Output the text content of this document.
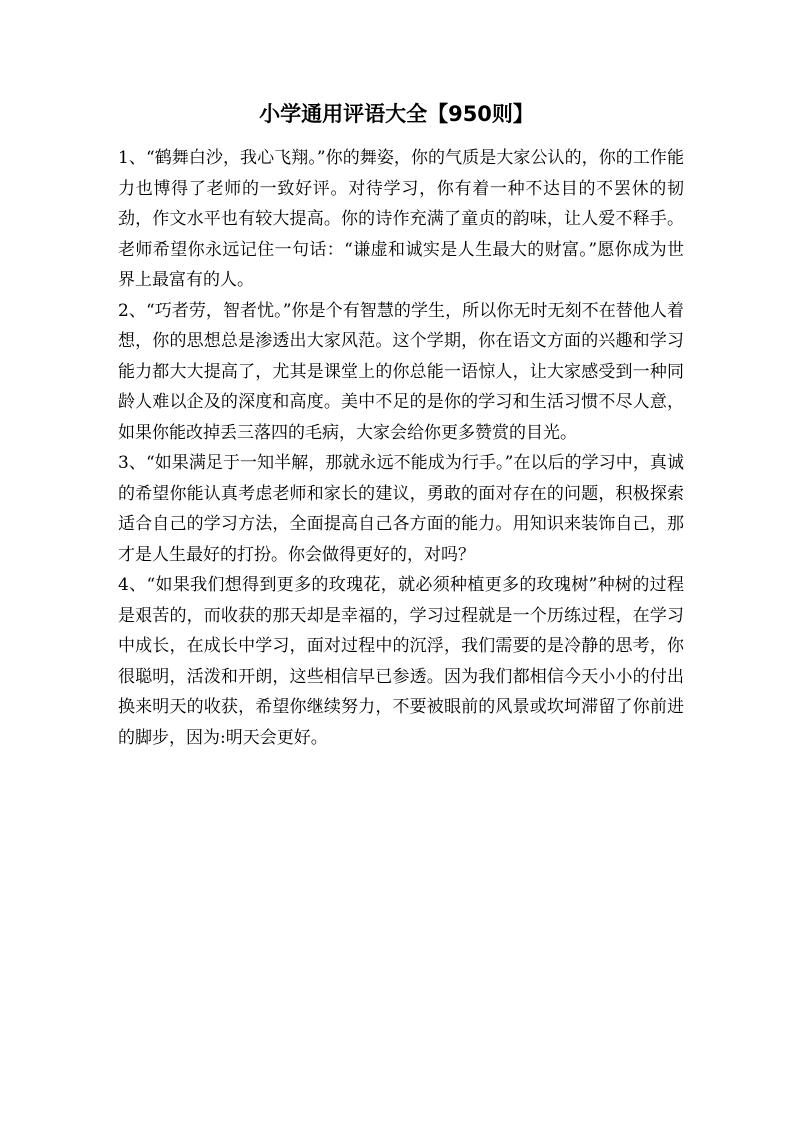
小学通用评语大全【950则】

1、“鹤舞白沙，我心飞翔。”你的舞姿，你的气质是大家公认的，你的工作能力也博得了老师的一致好评。对待学习，你有着一种不达目的不罢休的韧劲，作文水平也有较大提高。你的诗作充满了童贞的韵味，让人爱不释手。老师希望你永远记住一句话：“谦虚和诚实是人生最大的财富。”愿你成为世界上最富有的人。

2、“巧者劳，智者忧。”你是个有智慧的学生，所以你无时无刻不在替他人着想，你的思想总是渗透出大家风范。这个学期，你在语文方面的兴趣和学习能力都大大提高了，尤其是课堂上的你总能一语惊人，让大家感受到一种同龄人难以企及的深度和高度。美中不足的是你的学习和生活习惯不尽人意，如果你能改掉丢三落四的毛病，大家会给你更多赞赏的目光。

3、“如果满足于一知半解，那就永远不能成为行手。”在以后的学习中，真诚的希望你能认真考虑老师和家长的建议，勇敢的面对存在的问题，积极探索适合自己的学习方法，全面提高自己各方面的能力。用知识来装饰自己，那才是人生最好的打扮。你会做得更好的，对吗？

4、“如果我们想得到更多的玫瑰花，就必须种植更多的玫瑰树”种树的过程是艰苦的，而收获的那天却是幸福的，学习过程就是一个历练过程，在学习中成长，在成长中学习，面对过程中的沉浮，我们需要的是冷静的思考，你很聪明，活泼和开朗，这些相信早已参透。因为我们都相信今天小小的付出换来明天的收获，希望你继续努力，不要被眼前的风景或坎坷滞留了你前进的脚步，因为:明天会更好。
